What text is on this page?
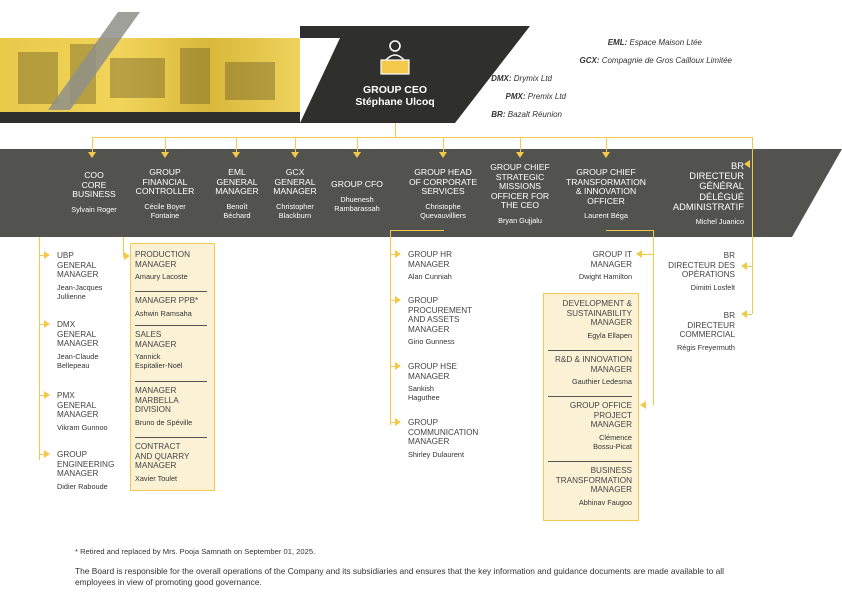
GROUP CEO
Stéphane Ulcoq
EML: Espace Maison Ltée
GCX: Compagnie de Gros Cailloux Limitée
DMX: Drymix Ltd
PMX: Premix Ltd
BR: Bazalt Réunion
COO
CORE
BUSINESS
Sylvain Roger
GROUP
FINANCIAL
CONTROLLER
Cécile Boyer
Fontaine
EML
GENERAL
MANAGER
Benoît
Béchard
GCX
GENERAL
MANAGER
Christopher
Blackburn
GROUP CFO
Dhuenesh
Rambarassah
GROUP HEAD
OF CORPORATE
SERVICES
Christophe
Quevauvilliers
GROUP CHIEF
STRATEGIC
MISSIONS
OFFICER FOR
THE CEO
Bryan Gujjalu
GROUP CHIEF
TRANSFORMATION
& INNOVATION
OFFICER
Laurent Béga
BR
DIRECTEUR
GÉNÉRAL
DÉLÉGUÉ
ADMINISTRATIF
Michel Juanico
UBP
GENERAL
MANAGER
Jean-Jacques
Jullienne
DMX
GENERAL
MANAGER
Jean-Claude
Bellepeau
PMX
GENERAL
MANAGER
Vikram Gunnoo
GROUP
ENGINEERING
MANAGER
Didier Raboude
PRODUCTION
MANAGER
Amaury Lacoste
MANAGER PPB*
Ashwin Ramsaha
SALES
MANAGER
Yannick
Espitalier-Noël
MANAGER
MARBELLA
DIVISION
Bruno de Spéville
CONTRACT
AND QUARRY
MANAGER
Xavier Toulet
GROUP HR
MANAGER
Alan Cunniah
GROUP
PROCUREMENT
AND ASSETS
MANAGER
Gino Gunness
GROUP HSE
MANAGER
Sankish
Haguthee
GROUP
COMMUNICATION
MANAGER
Shirley Dulaurent
GROUP IT
MANAGER
Dwight Hamilton
DEVELOPMENT &
SUSTAINABILITY
MANAGER
Egyla Ellapen
R&D & INNOVATION
MANAGER
Gauthier Ledesma
GROUP OFFICE
PROJECT
MANAGER
Clémence
Bossu-Picat
BUSINESS
TRANSFORMATION
MANAGER
Abhinav Faugoo
BR
DIRECTEUR DES
OPÉRATIONS
Dimitri Losfelt
BR
DIRECTEUR
COMMERCIAL
Régis Freyermuth
* Retired and replaced by Mrs. Pooja Samnath on September 01, 2025.
The Board is responsible for the overall operations of the Company and its subsidiaries and ensures that the key information and guidance documents are made available to all employees in view of promoting good governance.
